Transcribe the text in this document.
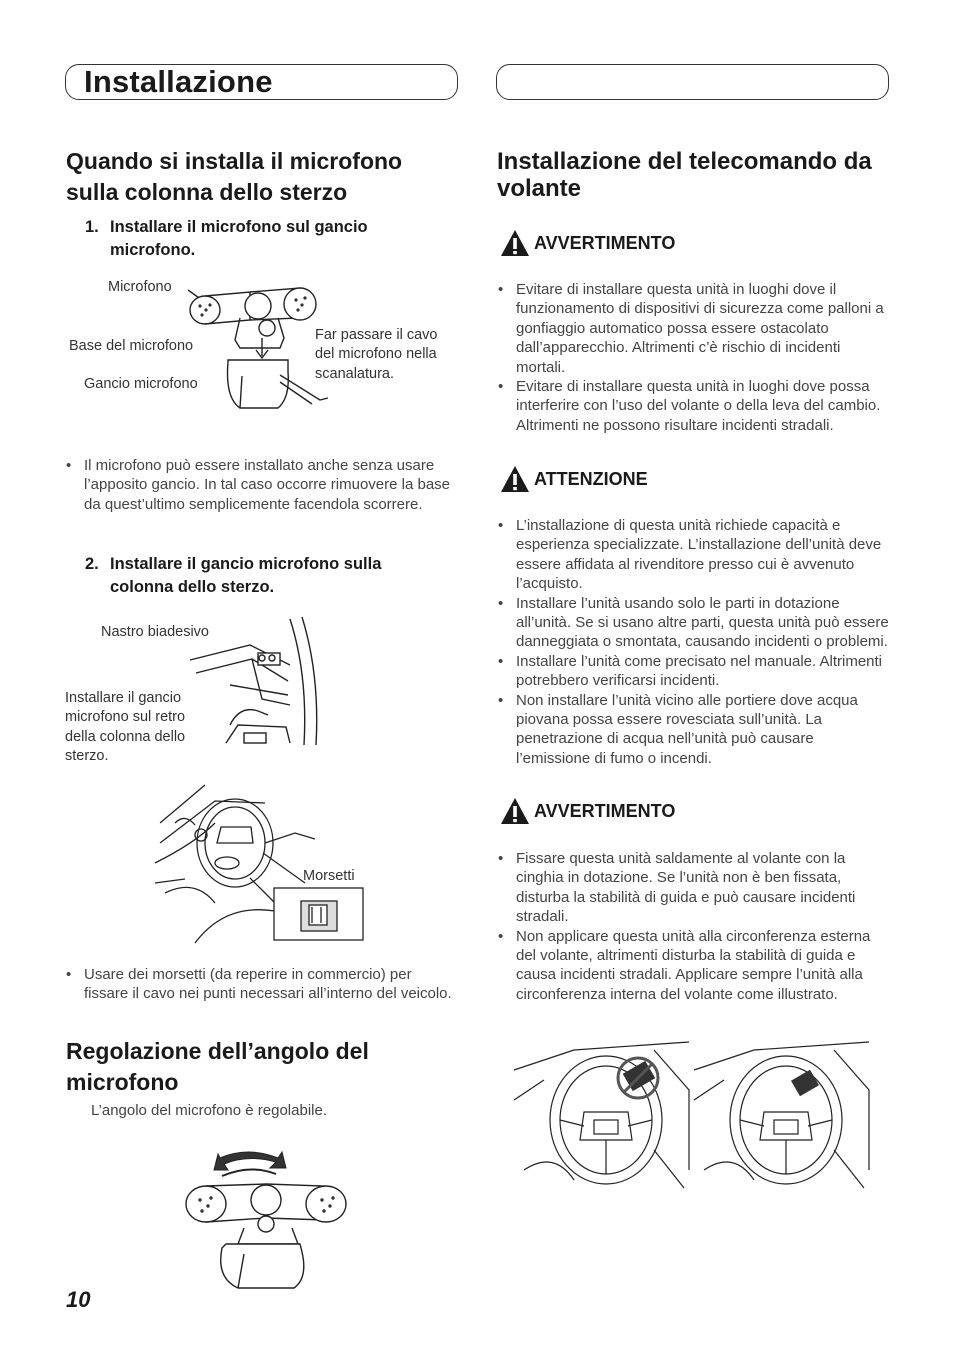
Installazione
Quando si installa il microfono sulla colonna dello sterzo
1. Installare il microfono sul gancio microfono.
Microfono
Base del microfono
Gancio microfono
Far passare il cavo del microfono nella scanalatura.
• Il microfono può essere installato anche senza usare l’apposito gancio. In tal caso occorre rimuovere la base da quest’ultimo semplicemente facendola scorrere.
2. Installare il gancio microfono sulla colonna dello sterzo.
Nastro biadesivo
Installare il gancio microfono sul retro della colonna dello sterzo.
Morsetti
• Usare dei morsetti (da reperire in commercio) per fissare il cavo nei punti necessari all’interno del veicolo.
Regolazione dell’angolo del microfono
L’angolo del microfono è regolabile.
10
Installazione del telecomando da volante
AVVERTIMENTO
• Evitare di installare questa unità in luoghi dove il funzionamento di dispositivi di sicurezza come palloni a gonfiaggio automatico possa essere ostacolato dall’apparecchio. Altrimenti c’è rischio di incidenti mortali.
• Evitare di installare questa unità in luoghi dove possa interferire con l’uso del volante o della leva del cambio. Altrimenti ne possono risultare incidenti stradali.
ATTENZIONE
• L’installazione di questa unità richiede capacità e esperienza specializzate. L’installazione dell’unità deve essere affidata al rivenditore presso cui è avvenuto l’acquisto.
• Installare l’unità usando solo le parti in dotazione all’unità. Se si usano altre parti, questa unità può essere danneggiata o smontata, causando incidenti o problemi.
• Installare l’unità come precisato nel manuale. Altrimenti potrebbero verificarsi incidenti.
• Non installare l’unità vicino alle portiere dove acqua piovana possa essere rovesciata sull’unità. La penetrazione di acqua nell’unità può causare l’emissione di fumo o incendi.
AVVERTIMENTO
• Fissare questa unità saldamente al volante con la cinghia in dotazione. Se l’unità non è ben fissata, disturba la stabilità di guida e può causare incidenti stradali.
• Non applicare questa unità alla circonferenza esterna del volante, altrimenti disturba la stabilità di guida e causa incidenti stradali. Applicare sempre l’unità alla circonferenza interna del volante come illustrato.
